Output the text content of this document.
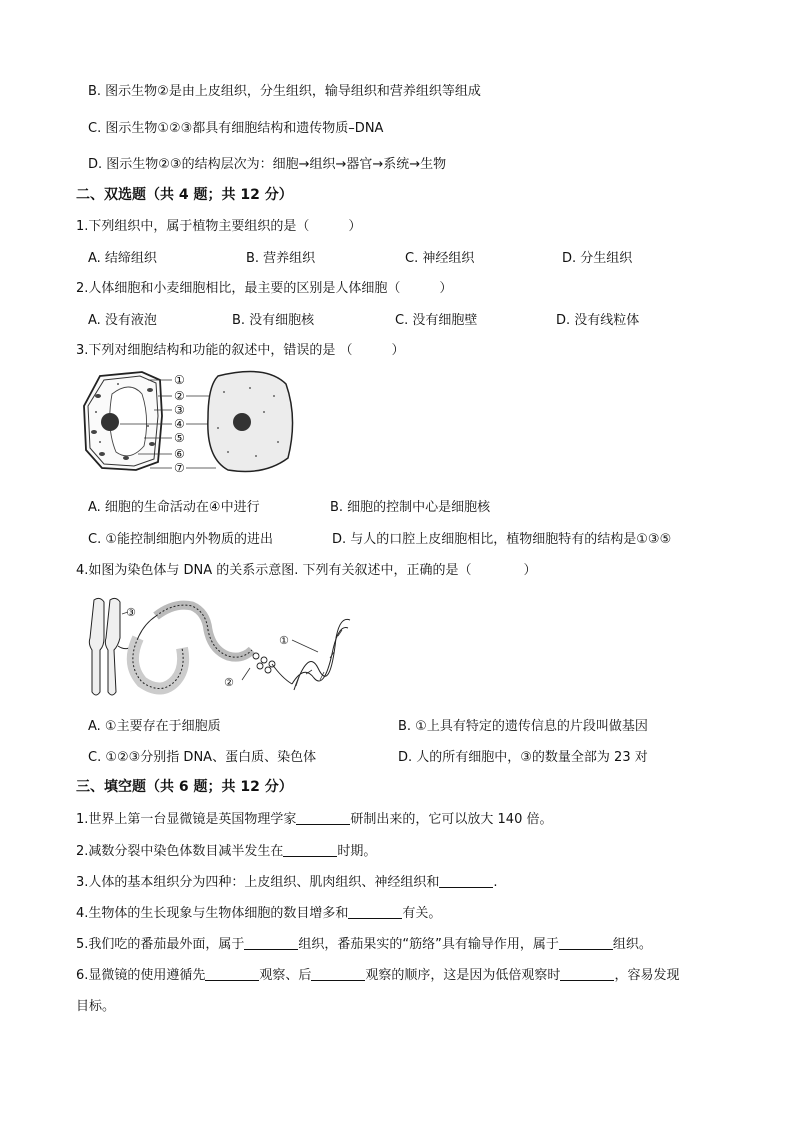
B. 图示生物②是由上皮组织，分生组织，输导组织和营养组织等组成
C. 图示生物①②③都具有细胞结构和遗传物质–DNA
D. 图示生物②③的结构层次为：细胞→组织→器官→系统→生物
二、双选题（共 4 题；共 12 分）
1.下列组织中，属于植物主要组织的是（　　　）
A. 结缔组织	B. 营养组织	C. 神经组织	D. 分生组织
2.人体细胞和小麦细胞相比，最主要的区别是人体细胞（　　　）
A. 没有液泡	B. 没有细胞核	C. 没有细胞壁	D. 没有线粒体
3.下列对细胞结构和功能的叙述中，错误的是 （　　　）
①
②
③
④
⑤
⑥
⑦
A. 细胞的生命活动在④中进行	B. 细胞的控制中心是细胞核
C. ①能控制细胞内外物质的进出	D. 与人的口腔上皮细胞相比，植物细胞特有的结构是①③⑤
4.如图为染色体与 DNA 的关系示意图. 下列有关叙述中，正确的是（　　　　）
①
②
③
A. ①主要存在于细胞质	B. ①上具有特定的遗传信息的片段叫做基因
C. ①②③分别指 DNA、蛋白质、染色体	D. 人的所有细胞中，③的数量全部为 23 对
三、填空题（共 6 题；共 12 分）
1.世界上第一台显微镜是英国物理学家	研制出来的，它可以放大 140 倍。
2.减数分裂中染色体数目减半发生在	时期。
3.人体的基本组织分为四种：上皮组织、肌肉组织、神经组织和	.
4.生物体的生长现象与生物体细胞的数目增多和	有关。
5.我们吃的番茄最外面，属于	组织，番茄果实的“筋络”具有输导作用，属于	组织。
6.显微镜的使用遵循先	观察、后	观察的顺序，这是因为低倍观察时	，容易发现
目标。
